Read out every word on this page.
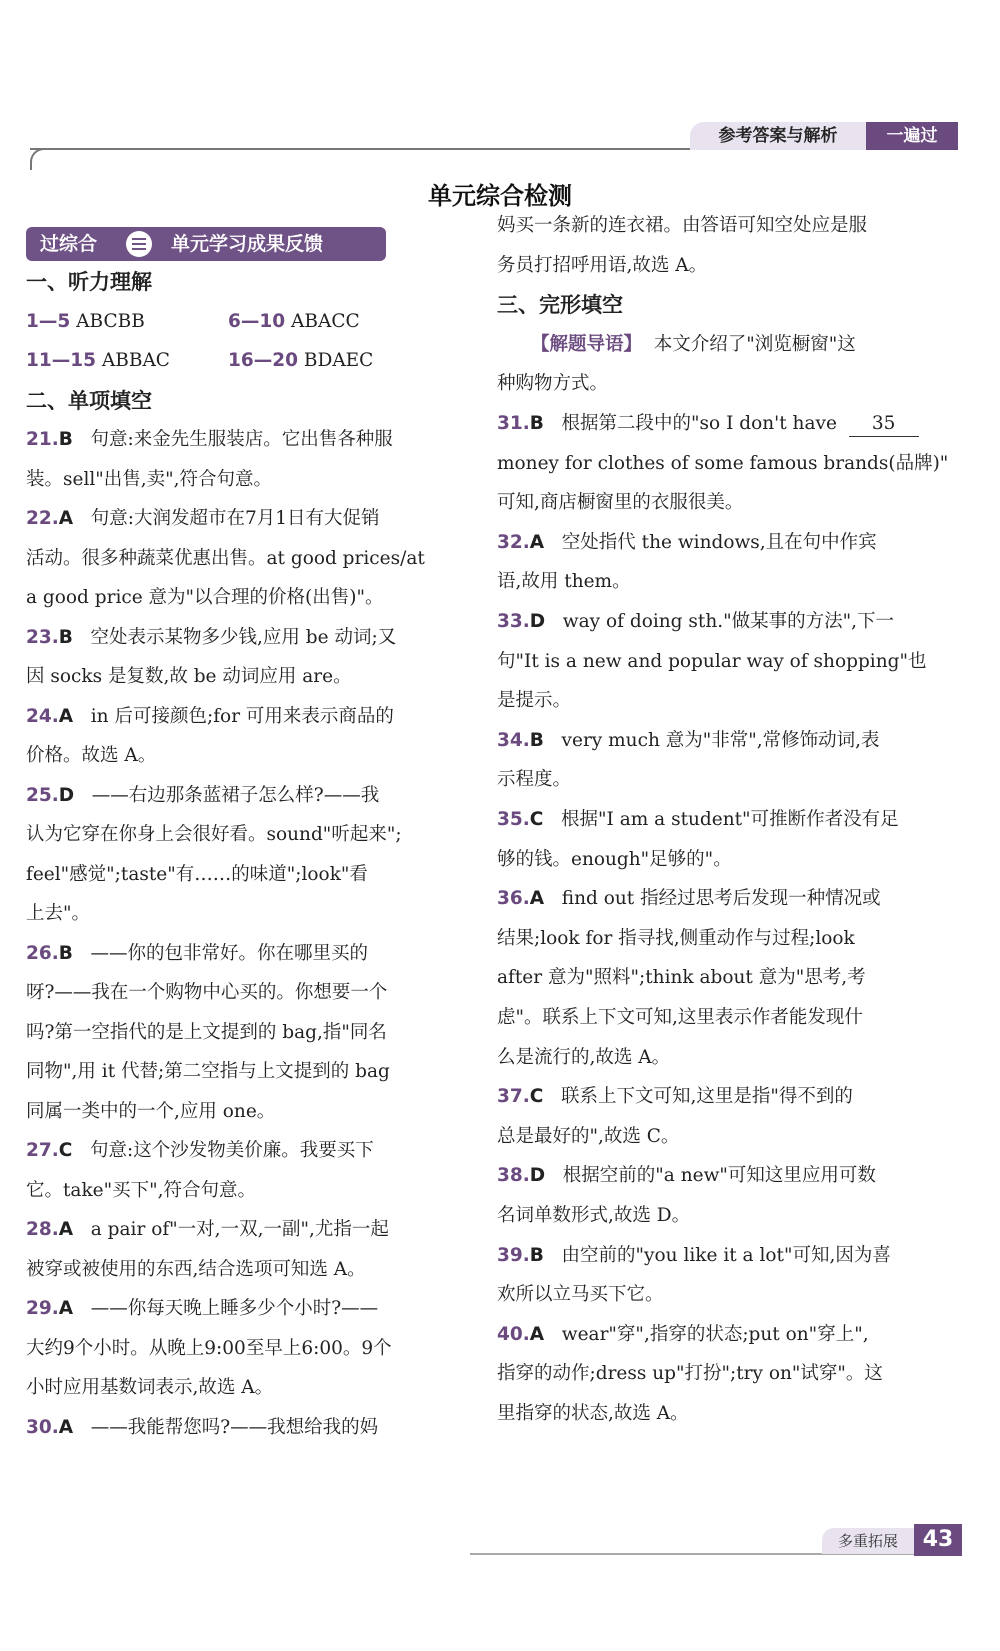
参考答案与解析	一遍过
单元综合检测
过综合	单元学习成果反馈
一、听力理解
1—5 ABCBB	6—10 ABACC
11—15 ABBAC	16—20 BDAEC
二、单项填空
21.B 句意:来金先生服装店。它出售各种服
装。sell"出售,卖",符合句意。
22.A 句意:大润发超市在7月1日有大促销
活动。很多种蔬菜优惠出售。at good prices/at
a good price 意为"以合理的价格(出售)"。
23.B 空处表示某物多少钱,应用 be 动词;又
因 socks 是复数,故 be 动词应用 are。
24.A in 后可接颜色;for 可用来表示商品的
价格。故选 A。
25.D ——右边那条蓝裙子怎么样?——我
认为它穿在你身上会很好看。sound"听起来";
feel"感觉";taste"有……的味道";look"看
上去"。
26.B ——你的包非常好。你在哪里买的
呀?——我在一个购物中心买的。你想要一个
吗?第一空指代的是上文提到的 bag,指"同名
同物",用 it 代替;第二空指与上文提到的 bag
同属一类中的一个,应用 one。
27.C 句意:这个沙发物美价廉。我要买下
它。take"买下",符合句意。
28.A a pair of"一对,一双,一副",尤指一起
被穿或被使用的东西,结合选项可知选 A。
29.A ——你每天晚上睡多少个小时?——
大约9个小时。从晚上9:00至早上6:00。9个
小时应用基数词表示,故选 A。
30.A ——我能帮您吗?——我想给我的妈
妈买一条新的连衣裙。由答语可知空处应是服
务员打招呼用语,故选 A。
三、完形填空
【解题导语】 本文介绍了"浏览橱窗"这
种购物方式。
31.B 根据第二段中的"so I don't have 35
money for clothes of some famous brands(品牌)"
可知,商店橱窗里的衣服很美。
32.A 空处指代 the windows,且在句中作宾
语,故用 them。
33.D way of doing sth."做某事的方法",下一
句"It is a new and popular way of shopping"也
是提示。
34.B very much 意为"非常",常修饰动词,表
示程度。
35.C 根据"I am a student"可推断作者没有足
够的钱。enough"足够的"。
36.A find out 指经过思考后发现一种情况或
结果;look for 指寻找,侧重动作与过程;look
after 意为"照料";think about 意为"思考,考
虑"。联系上下文可知,这里表示作者能发现什
么是流行的,故选 A。
37.C 联系上下文可知,这里是指"得不到的
总是最好的",故选 C。
38.D 根据空前的"a new"可知这里应用可数
名词单数形式,故选 D。
39.B 由空前的"you like it a lot"可知,因为喜
欢所以立马买下它。
40.A wear"穿",指穿的状态;put on"穿上",
指穿的动作;dress up"打扮";try on"试穿"。这
里指穿的状态,故选 A。
多重拓展	43
